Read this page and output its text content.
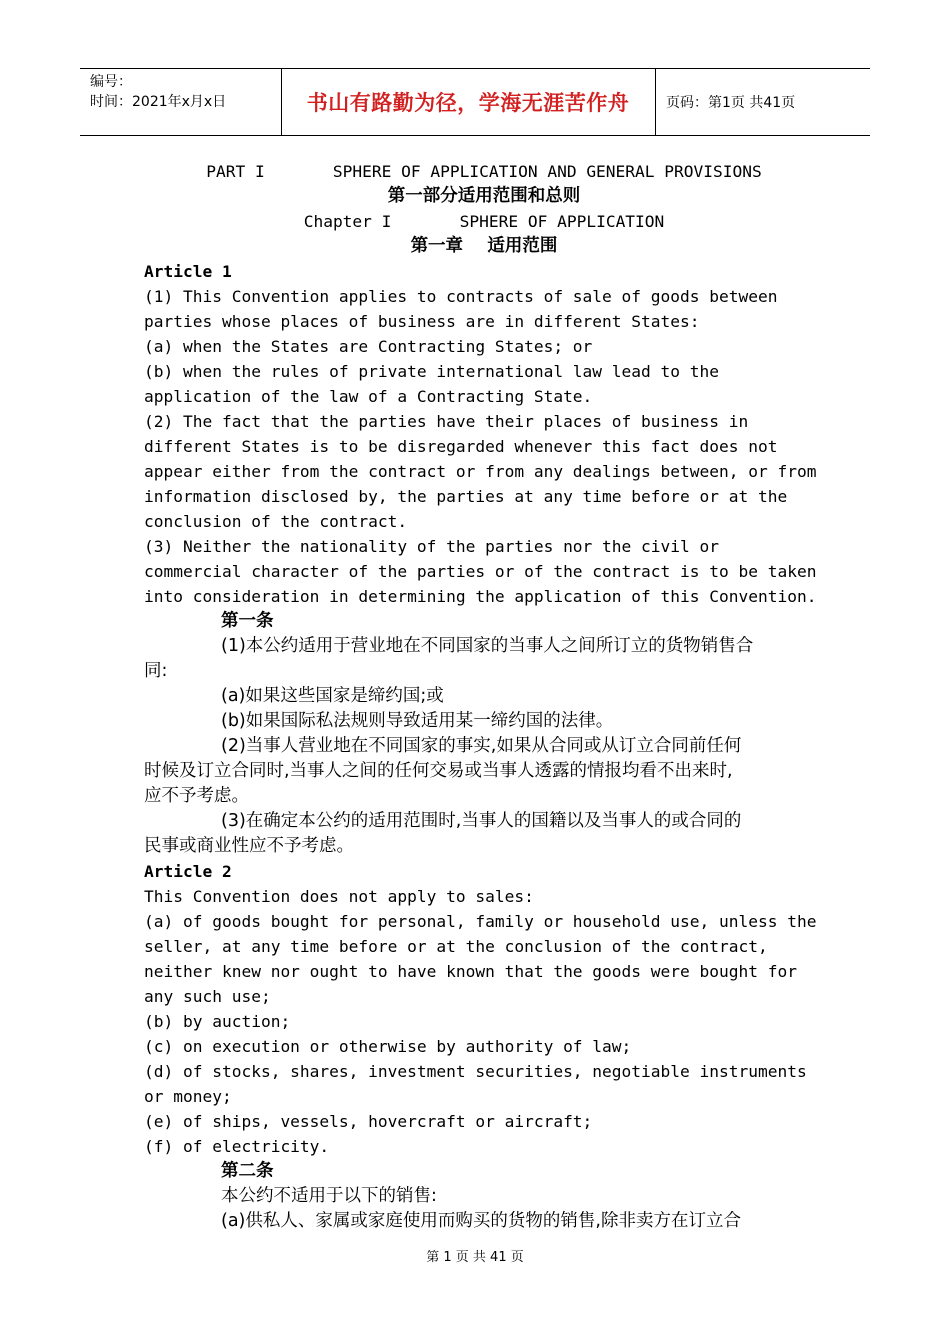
编号：
时间：2021年x月x日	书山有路勤为径，学海无涯苦作舟	页码：第1页 共41页
PART I       SPHERE OF APPLICATION AND GENERAL PROVISIONS
第一部分适用范围和总则
Chapter I       SPHERE OF APPLICATION
第一章    适用范围
Article 1
(1) This Convention applies to contracts of sale of goods between
parties whose places of business are in different States:
(a) when the States are Contracting States; or
(b) when the rules of private international law lead to the
application of the law of a Contracting State.
(2) The fact that the parties have their places of business in
different States is to be disregarded whenever this fact does not
appear either from the contract or from any dealings between, or from
information disclosed by, the parties at any time before or at the
conclusion of the contract.
(3) Neither the nationality of the parties nor the civil or
commercial character of the parties or of the contract is to be taken
into consideration in determining the application of this Convention.
第一条
(1)本公约适用于营业地在不同国家的当事人之间所订立的货物销售合
同:
(a)如果这些国家是缔约国;或
(b)如果国际私法规则导致适用某一缔约国的法律。
(2)当事人营业地在不同国家的事实,如果从合同或从订立合同前任何
时候及订立合同时,当事人之间的任何交易或当事人透露的情报均看不出来时,
应不予考虑。
(3)在确定本公约的适用范围时,当事人的国籍以及当事人的或合同的
民事或商业性应不予考虑。
Article 2
This Convention does not apply to sales:
(a) of goods bought for personal, family or household use, unless the
seller, at any time before or at the conclusion of the contract,
neither knew nor ought to have known that the goods were bought for
any such use;
(b) by auction;
(c) on execution or otherwise by authority of law;
(d) of stocks, shares, investment securities, negotiable instruments
or money;
(e) of ships, vessels, hovercraft or aircraft;
(f) of electricity.
第二条
本公约不适用于以下的销售:
(a)供私人、家属或家庭使用而购买的货物的销售,除非卖方在订立合
第 1 页 共 41 页
